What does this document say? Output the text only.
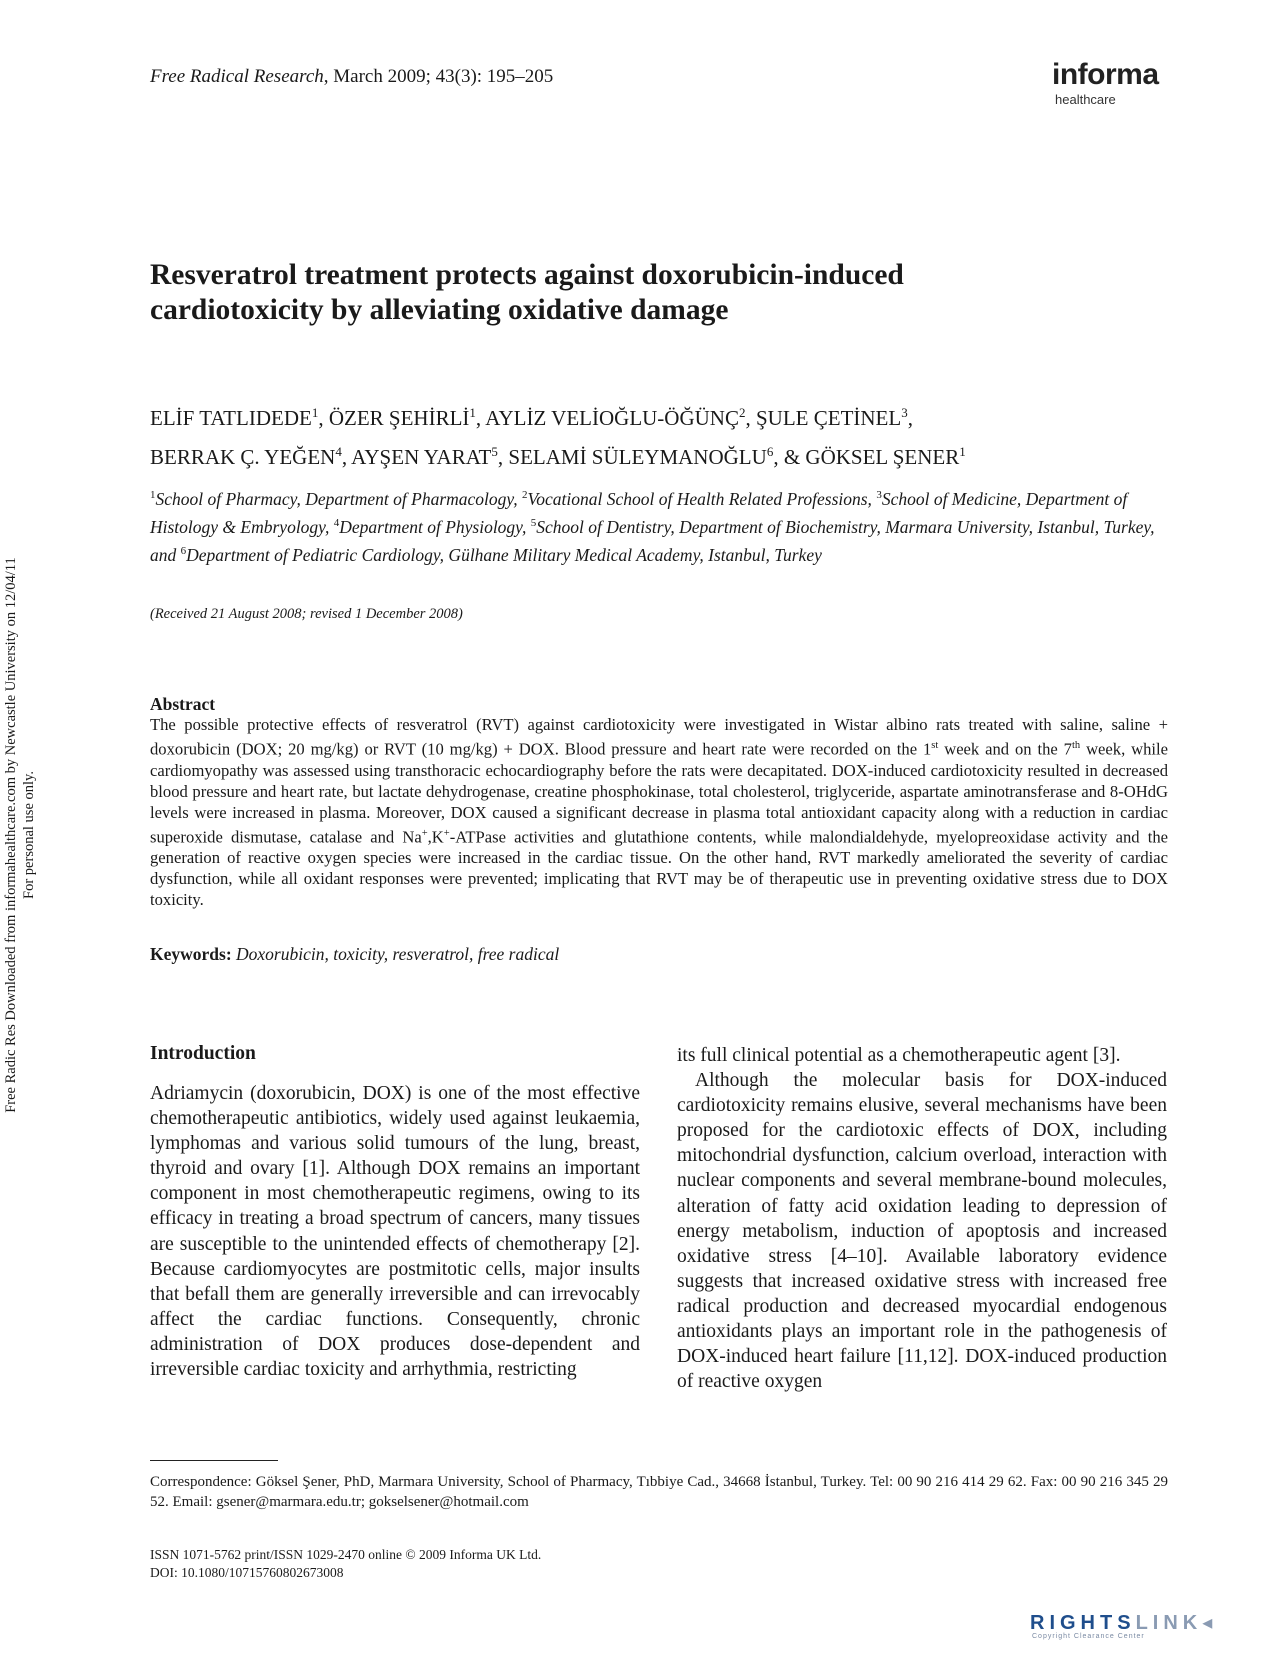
Free Radical Research, March 2009; 43(3): 195–205	informa
healthcare
Free Radic Res Downloaded from informahealthcare.com by Newcastle University on 12/04/11 For personal use only.
Resveratrol treatment protects against doxorubicin-induced cardiotoxicity by alleviating oxidative damage
ELİF TATLIDEDE$^1$, ÖZER ŞEHİRLİ$^1$, AYLİZ VELİOĞLU-ÖĞÜNÇ$^2$, ŞULE ÇETİNEL$^3$,
BERRAK Ç. YEĞEN$^4$, AYŞEN YARAT$^5$, SELAMİ SÜLEYMANOĞLU$^6$, & GÖKSEL ŞENER$^1$
$^1$School of Pharmacy, Department of Pharmacology, $^2$Vocational School of Health Related Professions, $^3$School of Medicine, Department of Histology & Embryology, $^4$Department of Physiology, $^5$School of Dentistry, Department of Biochemistry, Marmara University, Istanbul, Turkey, and $^6$Department of Pediatric Cardiology, Gülhane Military Medical Academy, Istanbul, Turkey
(Received 21 August 2008; revised 1 December 2008)
Abstract
The possible protective effects of resveratrol (RVT) against cardiotoxicity were investigated in Wistar albino rats treated with saline, saline + doxorubicin (DOX; 20 mg/kg) or RVT (10 mg/kg) + DOX. Blood pressure and heart rate were recorded on the 1st week and on the 7th week, while cardiomyopathy was assessed using transthoracic echocardiography before the rats were decapitated. DOX-induced cardiotoxicity resulted in decreased blood pressure and heart rate, but lactate dehydrogenase, creatine phosphokinase, total cholesterol, triglyceride, aspartate aminotransferase and 8-OHdG levels were increased in plasma. Moreover, DOX caused a significant decrease in plasma total antioxidant capacity along with a reduction in cardiac superoxide dismutase, catalase and Na+,K+-ATPase activities and glutathione contents, while malondialdehyde, myelopreoxidase activity and the generation of reactive oxygen species were increased in the cardiac tissue. On the other hand, RVT markedly ameliorated the severity of cardiac dysfunction, while all oxidant responses were prevented; implicating that RVT may be of therapeutic use in preventing oxidative stress due to DOX toxicity.
Keywords: Doxorubicin, toxicity, resveratrol, free radical
Introduction

Adriamycin (doxorubicin, DOX) is one of the most effective chemotherapeutic antibiotics, widely used against leukaemia, lymphomas and various solid tumours of the lung, breast, thyroid and ovary [1]. Although DOX remains an important component in most chemotherapeutic regimens, owing to its efficacy in treating a broad spectrum of cancers, many tissues are susceptible to the unintended effects of chemotherapy [2]. Because cardiomyocytes are postmitotic cells, major insults that befall them are generally irreversible and can irrevocably affect the cardiac functions. Consequently, chronic administration of DOX produces dose-dependent and irreversible cardiac toxicity and arrhythmia, restricting

its full clinical potential as a chemotherapeutic agent [3].

Although the molecular basis for DOX-induced cardiotoxicity remains elusive, several mechanisms have been proposed for the cardiotoxic effects of DOX, including mitochondrial dysfunction, calcium overload, interaction with nuclear components and several membrane-bound molecules, alteration of fatty acid oxidation leading to depression of energy metabolism, induction of apoptosis and increased oxidative stress [4–10]. Available laboratory evidence suggests that increased oxidative stress with increased free radical production and decreased myocardial endogenous antioxidants plays an important role in the pathogenesis of DOX-induced heart failure [11,12]. DOX-induced production of reactive oxygen

Correspondence: Göksel Şener, PhD, Marmara University, School of Pharmacy, Tıbbiye Cad., 34668 İstanbul, Turkey. Tel: 00 90 216 414 29 62. Fax: 00 90 216 345 29 52. Email: gsener@marmara.edu.tr; gokselsener@hotmail.com
ISSN 1071-5762 print/ISSN 1029-2470 online © 2009 Informa UK Ltd.
DOI: 10.1080/10715760802673008
RIGHTSLINK◂
Copyright Clearance Center
